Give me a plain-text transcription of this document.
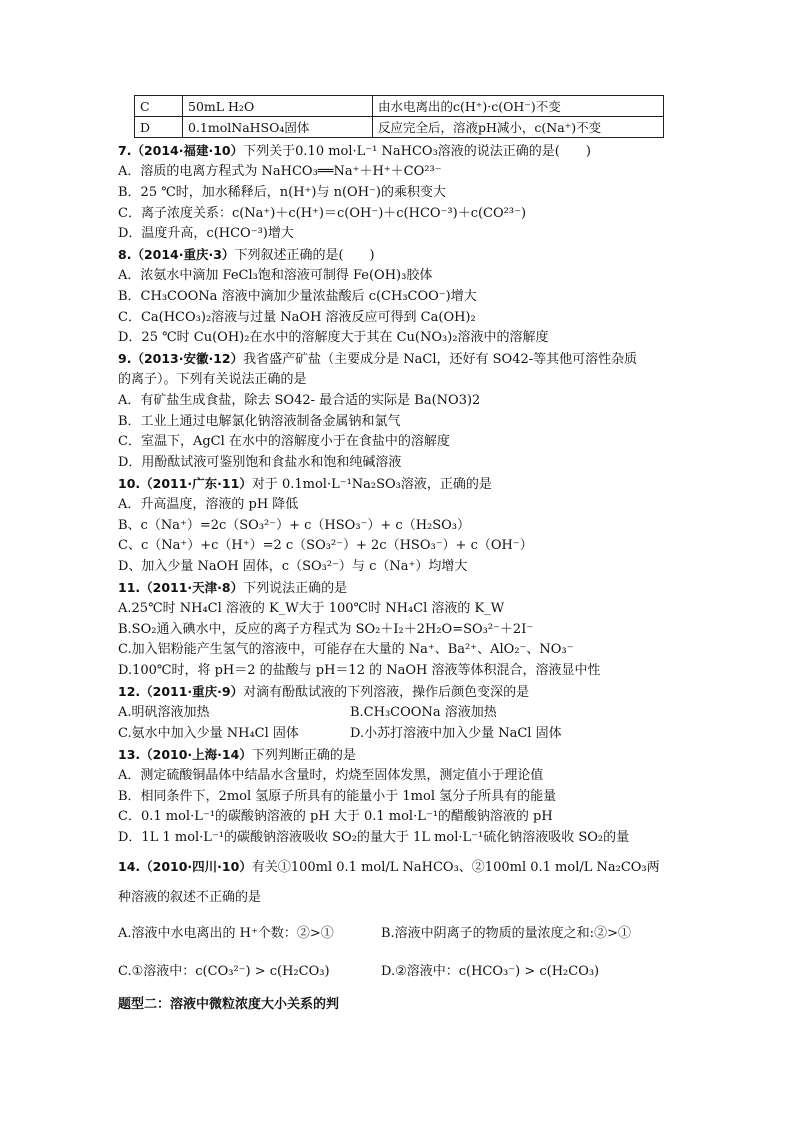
C	50mL H₂O	由水电离出的c(H⁺)·c(OH⁻)不变
D	0.1molNaHSO₄固体	反应完全后，溶液pH减小，c(Na⁺)不变
7.（2014·福建·10）下列关于0.10 mol·L⁻¹ NaHCO₃溶液的说法正确的是(　　)
A．溶质的电离方程式为 NaHCO₃══Na⁺＋H⁺＋CO²³⁻
B．25 ℃时，加水稀释后，n(H⁺)与 n(OH⁻)的乘积变大
C．离子浓度关系：c(Na⁺)＋c(H⁺)＝c(OH⁻)＋c(HCO⁻³)＋c(CO²³⁻)
D．温度升高，c(HCO⁻³)增大
8.（2014·重庆·3）下列叙述正确的是(　　)
A．浓氨水中滴加 FeCl₃饱和溶液可制得 Fe(OH)₃胶体
B．CH₃COONa 溶液中滴加少量浓盐酸后 c(CH₃COO⁻)增大
C．Ca(HCO₃)₂溶液与过量 NaOH 溶液反应可得到 Ca(OH)₂
D．25 ℃时 Cu(OH)₂在水中的溶解度大于其在 Cu(NO₃)₂溶液中的溶解度
9.（2013·安徽·12）我省盛产矿盐（主要成分是 NaCl，还好有 SO42-等其他可溶性杂质
的离子）。下列有关说法正确的是
A．有矿盐生成食盐，除去 SO42- 最合适的实际是 Ba(NO3)2
B．工业上通过电解氯化钠溶液制备金属钠和氯气
C．室温下，AgCl 在水中的溶解度小于在食盐中的溶解度
D．用酚酞试液可鉴别饱和食盐水和饱和纯碱溶液
10.（2011·广东·11）对于 0.1mol·L⁻¹Na₂SO₃溶液，正确的是
A．升高温度，溶液的 pH 降低
B、c（Na⁺）=2c（SO₃²⁻）+ c（HSO₃⁻）+ c（H₂SO₃）
C、c（Na⁺）+c（H⁺）=2 c（SO₃²⁻）+ 2c（HSO₃⁻）+ c（OH⁻）
D、加入少量 NaOH 固体，c（SO₃²⁻）与 c（Na⁺）均增大
11.（2011·天津·8）下列说法正确的是
A.25℃时 NH₄Cl 溶液的 K_W大于 100℃时 NH₄Cl 溶液的 K_W
B.SO₂通入碘水中，反应的离子方程式为 SO₂＋I₂＋2H₂O=SO₃²⁻＋2I⁻
C.加入铝粉能产生氢气的溶液中，可能存在大量的 Na⁺、Ba²⁺、AlO₂⁻、NO₃⁻
D.100℃时，将 pH＝2 的盐酸与 pH＝12 的 NaOH 溶液等体积混合，溶液显中性
12.（2011·重庆·9）对滴有酚酞试液的下列溶液，操作后颜色变深的是
A.明矾溶液加热	B.CH₃COONa 溶液加热
C.氨水中加入少量 NH₄Cl 固体	D.小苏打溶液中加入少量 NaCl 固体
13.（2010·上海·14）下列判断正确的是
A．测定硫酸铜晶体中结晶水含量时，灼烧至固体发黑，测定值小于理论值
B．相同条件下，2mol 氢原子所具有的能量小于 1mol 氢分子所具有的能量
C．0.1 mol·L⁻¹的碳酸钠溶液的 pH 大于 0.1 mol·L⁻¹的醋酸钠溶液的 pH
D．1L 1 mol·L⁻¹的碳酸钠溶液吸收 SO₂的量大于 1L mol·L⁻¹硫化钠溶液吸收 SO₂的量
14.（2010·四川·10）有关①100ml 0.1 mol/L NaHCO₃、②100ml 0.1 mol/L Na₂CO₃两
种溶液的叙述不正确的是
A.溶液中水电离出的 H⁺个数：②>①	B.溶液中阴离子的物质的量浓度之和:②>①
C.①溶液中：c(CO₃²⁻) > c(H₂CO₃)	D.②溶液中：c(HCO₃⁻) > c(H₂CO₃)
题型二：溶液中微粒浓度大小关系的判
